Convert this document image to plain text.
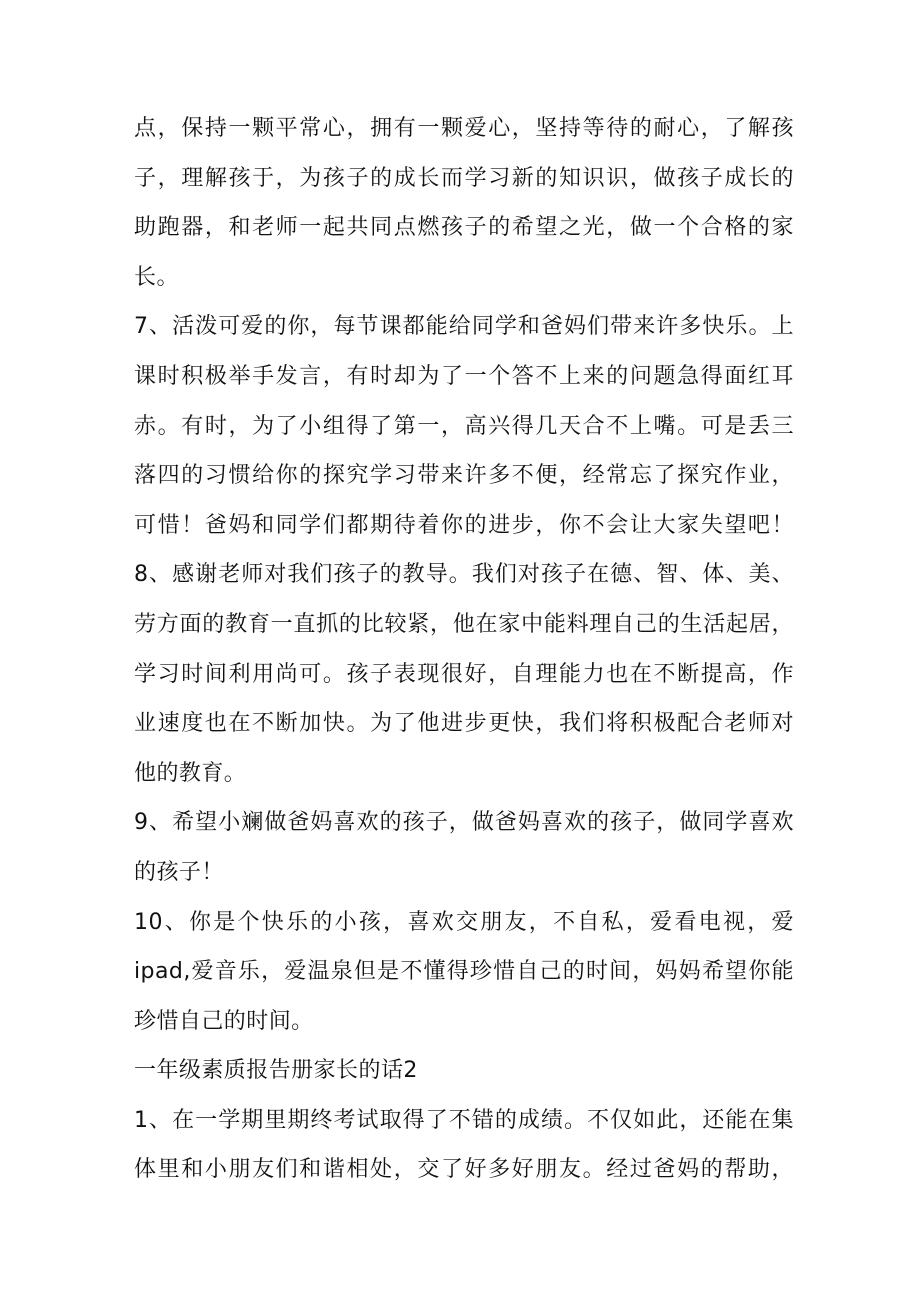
点，保持一颗平常心，拥有一颗爱心，坚持等待的耐心，了解孩
子，理解孩于，为孩子的成长而学习新的知识识，做孩子成长的
助跑器，和老师一起共同点燃孩子的希望之光，做一个合格的家
长。
7、活泼可爱的你，每节课都能给同学和爸妈们带来许多快乐。上
课时积极举手发言，有时却为了一个答不上来的问题急得面红耳
赤。有时，为了小组得了第一，高兴得几天合不上嘴。可是丢三
落四的习惯给你的探究学习带来许多不便，经常忘了探究作业，
可惜！爸妈和同学们都期待着你的进步，你不会让大家失望吧！
8、感谢老师对我们孩子的教导。我们对孩子在德、智、体、美、
劳方面的教育一直抓的比较紧，他在家中能料理自己的生活起居，
学习时间利用尚可。孩子表现很好，自理能力也在不断提高，作
业速度也在不断加快。为了他进步更快，我们将积极配合老师对
他的教育。
9、希望小斓做爸妈喜欢的孩子，做爸妈喜欢的孩子，做同学喜欢
的孩子！
10、你是个快乐的小孩，喜欢交朋友，不自私，爱看电视，爱
ipad,爱音乐，爱温泉但是不懂得珍惜自己的时间，妈妈希望你能
珍惜自己的时间。
一年级素质报告册家长的话2
1、在一学期里期终考试取得了不错的成绩。不仅如此，还能在集
体里和小朋友们和谐相处，交了好多好朋友。经过爸妈的帮助，
